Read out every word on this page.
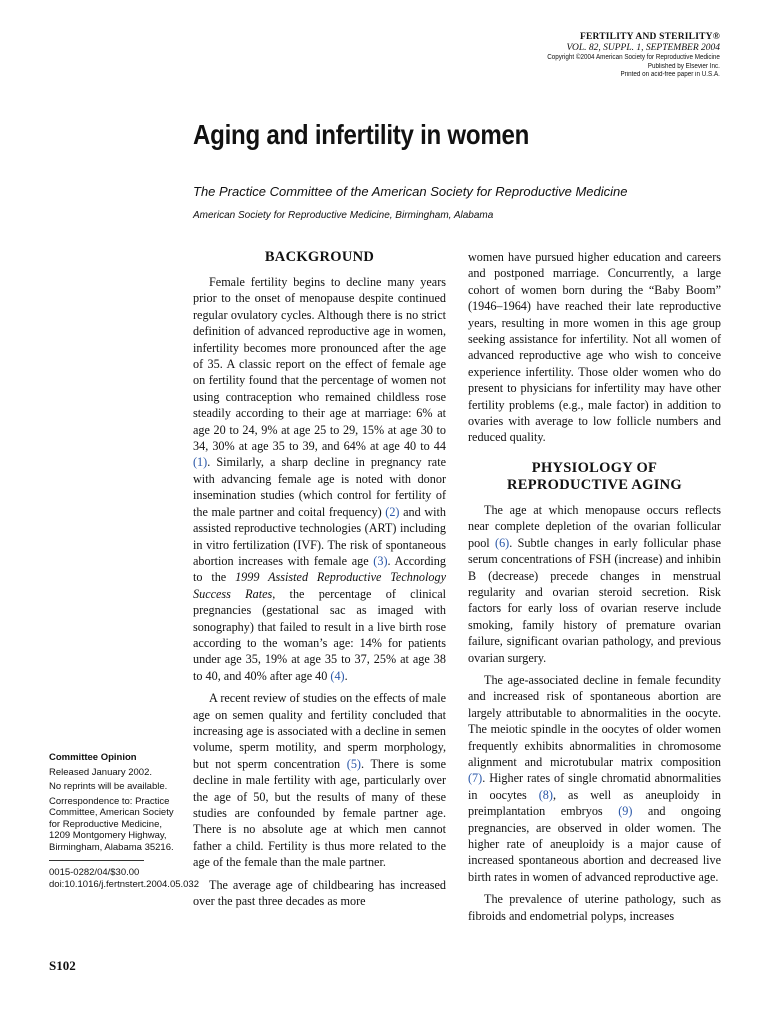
FERTILITY AND STERILITY®
VOL. 82, SUPPL. 1, SEPTEMBER 2004
Copyright ©2004 American Society for Reproductive Medicine
Published by Elsevier Inc.
Printed on acid-free paper in U.S.A.
Aging and infertility in women

The Practice Committee of the American Society for Reproductive Medicine

American Society for Reproductive Medicine, Birmingham, Alabama

BACKGROUND

Female fertility begins to decline many years prior to the onset of menopause despite continued regular ovulatory cycles. Although there is no strict definition of advanced reproductive age in women, infertility becomes more pronounced after the age of 35. A classic report on the effect of female age on fertility found that the percentage of women not using contraception who remained childless rose steadily according to their age at marriage: 6% at age 20 to 24, 9% at age 25 to 29, 15% at age 30 to 34, 30% at age 35 to 39, and 64% at age 40 to 44 (1). Similarly, a sharp decline in pregnancy rate with advancing female age is noted with donor insemination studies (which control for fertility of the male partner and coital frequency) (2) and with assisted reproductive technologies (ART) including in vitro fertilization (IVF). The risk of spontaneous abortion increases with female age (3). According to the 1999 Assisted Reproductive Technology Success Rates, the percentage of clinical pregnancies (gestational sac as imaged with sonography) that failed to result in a live birth rose according to the woman’s age: 14% for patients under age 35, 19% at age 35 to 37, 25% at age 38 to 40, and 40% after age 40 (4).

A recent review of studies on the effects of male age on semen quality and fertility concluded that increasing age is associated with a decline in semen volume, sperm motility, and sperm morphology, but not sperm concentration (5). There is some decline in male fertility with age, particularly over the age of 50, but the results of many of these studies are confounded by female partner age. There is no absolute age at which men cannot father a child. Fertility is thus more related to the age of the female than the male partner.

The average age of childbearing has increased over the past three decades as more

women have pursued higher education and careers and postponed marriage. Concurrently, a large cohort of women born during the “Baby Boom” (1946–1964) have reached their late reproductive years, resulting in more women in this age group seeking assistance for infertility. Not all women of advanced reproductive age who wish to conceive experience infertility. Those older women who do present to physicians for infertility may have other fertility problems (e.g., male factor) in addition to ovaries with average to low follicle numbers and reduced quality.

PHYSIOLOGY OF
REPRODUCTIVE AGING

The age at which menopause occurs reflects near complete depletion of the ovarian follicular pool (6). Subtle changes in early follicular phase serum concentrations of FSH (increase) and inhibin B (decrease) precede changes in menstrual regularity and ovarian steroid secretion. Risk factors for early loss of ovarian reserve include smoking, family history of premature ovarian failure, significant ovarian pathology, and previous ovarian surgery.

The age-associated decline in female fecundity and increased risk of spontaneous abortion are largely attributable to abnormalities in the oocyte. The meiotic spindle in the oocytes of older women frequently exhibits abnormalities in chromosome alignment and microtubular matrix composition (7). Higher rates of single chromatid abnormalities in oocytes (8), as well as aneuploidy in preimplantation embryos (9) and ongoing pregnancies, are observed in older women. The higher rate of aneuploidy is a major cause of increased spontaneous abortion and decreased live birth rates in women of advanced reproductive age.

The prevalence of uterine pathology, such as fibroids and endometrial polyps, increases

Committee Opinion
Released January 2002.
No reprints will be available.
Correspondence to: Practice Committee, American Society for Reproductive Medicine, 1209 Montgomery Highway, Birmingham, Alabama 35216.
0015-0282/04/$30.00
doi:10.1016/j.fertnstert.2004.05.032
S102
